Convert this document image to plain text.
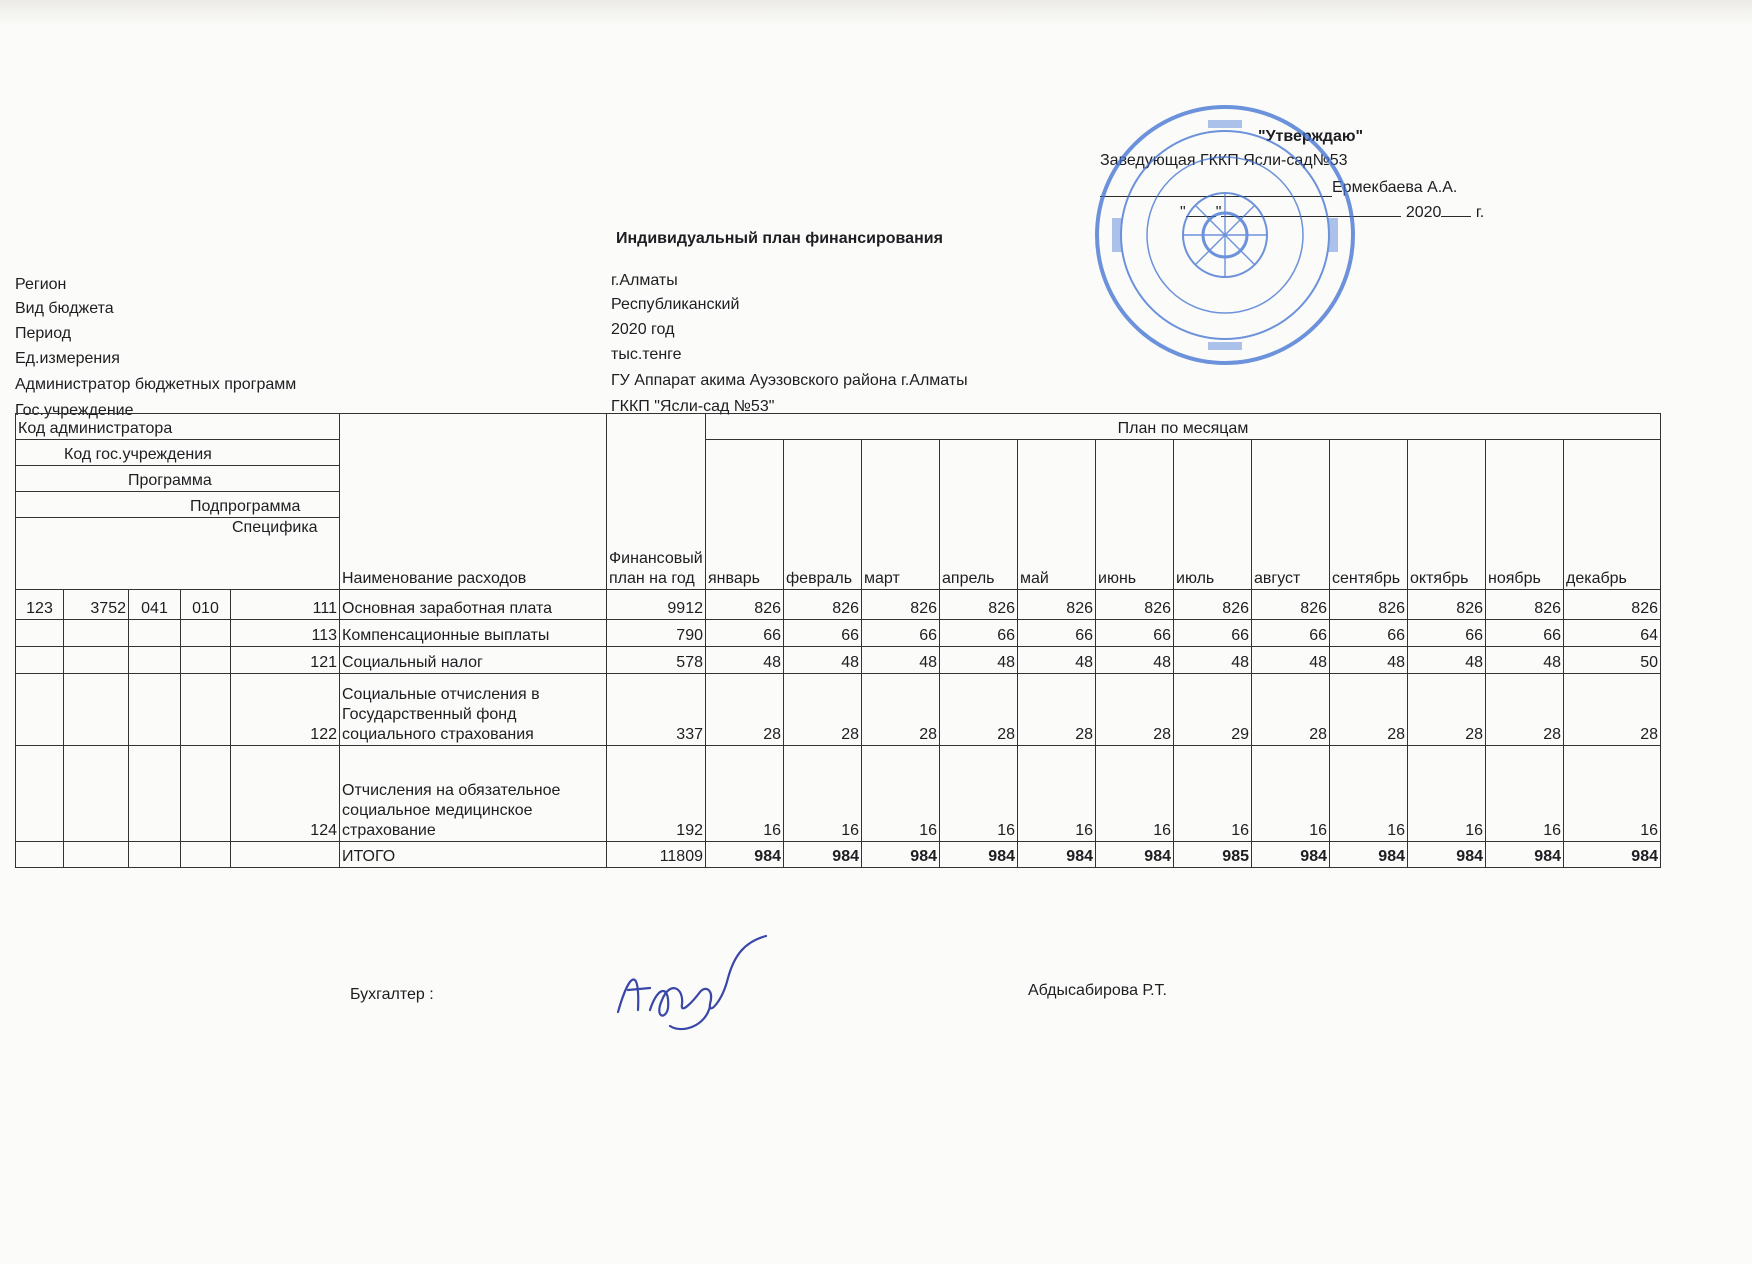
"Утверждаю"
Заведующая ГККП Ясли-сад№53
Ермекбаева А.А.
" "	2020 г.
Индивидуальный план финансирования
Регион	г.Алматы
Вид бюджета	Республиканский
Период	2020 год
Ед.измерения	тыс.тенге
Администратор бюджетных программ	ГУ Аппарат акима Ауэзовского района г.Алматы
Гос.учреждение	ГККП "Ясли-сад №53"
Код администратора					Наименование расходов	Финансовый план на год	План по месяцам											
Код гос.учреждения							январь	февраль	март	апрель	май	июнь	июль	август	сентябрь	октябрь	ноябрь	декабрь
Программа																		
Подпрограмма																		
Специфика																		

123	3752	041	010	111	Основная заработная плата	9912	826	826	826	826	826	826	826	826	826	826	826	826
				113	Компенсационные выплаты	790	66	66	66	66	66	66	66	66	66	66	66	64
				121	Социальный налог	578	48	48	48	48	48	48	48	48	48	48	48	50
				122	Социальные отчисления в Государственный фонд социального страхования	337	28	28	28	28	28	28	29	28	28	28	28	28
				124	Отчисления на обязательное социальное медицинское страхование	192	16	16	16	16	16	16	16	16	16	16	16	16
					ИТОГО	11809	984	984	984	984	984	984	985	984	984	984	984	984
Бухгалтер :	Абдысабирова Р.Т.
